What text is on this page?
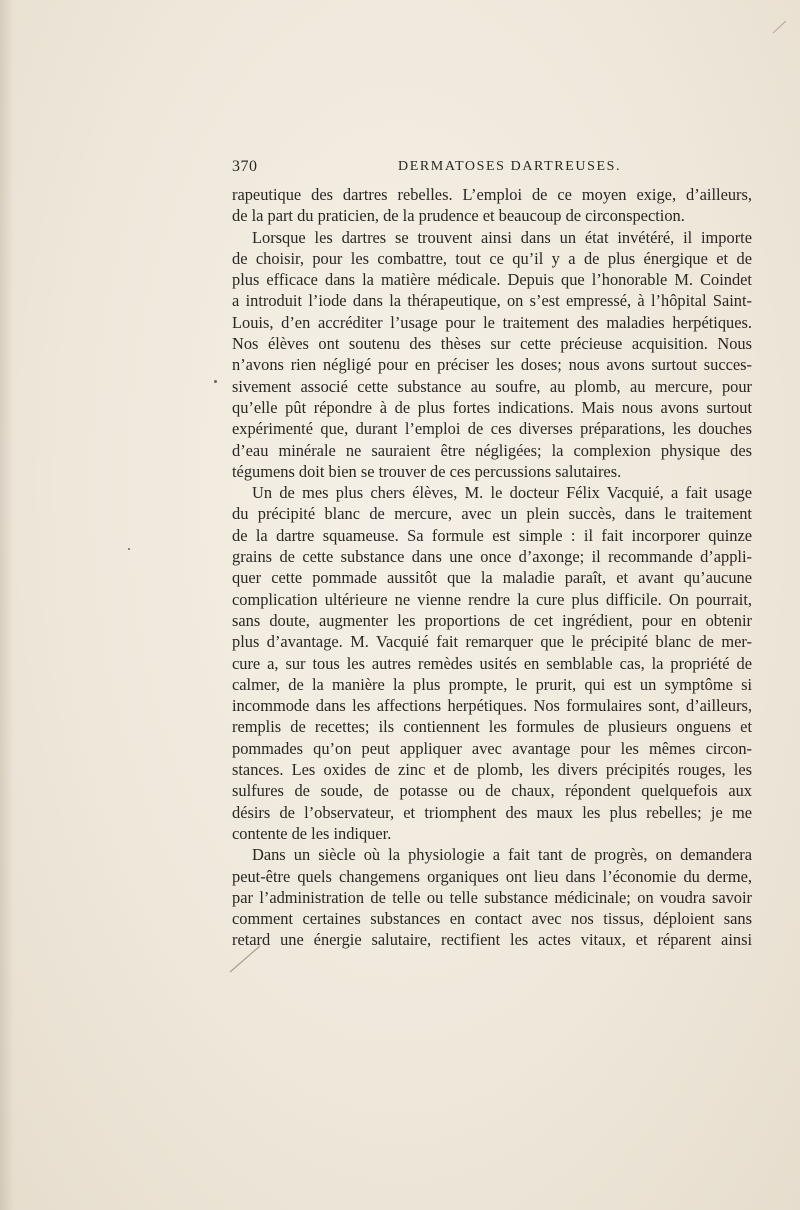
370	DERMATOSES DARTREUSES.
rapeutique des dartres rebelles. L’emploi de ce moyen exige, d’ailleurs,
de la part du praticien, de la prudence et beaucoup de circonspection.
Lorsque les dartres se trouvent ainsi dans un état invétéré, il importe
de choisir, pour les combattre, tout ce qu’il y a de plus énergique et de
plus efficace dans la matière médicale. Depuis que l’honorable M. Coindet
a introduit l’iode dans la thérapeutique, on s’est empressé, à l’hôpital Saint-
Louis, d’en accréditer l’usage pour le traitement des maladies herpétiques.
Nos élèves ont soutenu des thèses sur cette précieuse acquisition. Nous
n’avons rien négligé pour en préciser les doses; nous avons surtout succes-
sivement associé cette substance au soufre, au plomb, au mercure, pour
qu’elle pût répondre à de plus fortes indications. Mais nous avons surtout
expérimenté que, durant l’emploi de ces diverses préparations, les douches
d’eau minérale ne sauraient être négligées; la complexion physique des
tégumens doit bien se trouver de ces percussions salutaires.
Un de mes plus chers élèves, M. le docteur Félix Vacquié, a fait usage
du précipité blanc de mercure, avec un plein succès, dans le traitement
de la dartre squameuse. Sa formule est simple : il fait incorporer quinze
grains de cette substance dans une once d’axonge; il recommande d’appli-
quer cette pommade aussitôt que la maladie paraît, et avant qu’aucune
complication ultérieure ne vienne rendre la cure plus difficile. On pourrait,
sans doute, augmenter les proportions de cet ingrédient, pour en obtenir
plus d’avantage. M. Vacquié fait remarquer que le précipité blanc de mer-
cure a, sur tous les autres remèdes usités en semblable cas, la propriété de
calmer, de la manière la plus prompte, le prurit, qui est un symptôme si
incommode dans les affections herpétiques. Nos formulaires sont, d’ailleurs,
remplis de recettes; ils contiennent les formules de plusieurs onguens et
pommades qu’on peut appliquer avec avantage pour les mêmes circon-
stances. Les oxides de zinc et de plomb, les divers précipités rouges, les
sulfures de soude, de potasse ou de chaux, répondent quelquefois aux
désirs de l’observateur, et triomphent des maux les plus rebelles; je me
contente de les indiquer.
Dans un siècle où la physiologie a fait tant de progrès, on demandera
peut-être quels changemens organiques ont lieu dans l’économie du derme,
par l’administration de telle ou telle substance médicinale; on voudra savoir
comment certaines substances en contact avec nos tissus, déploient sans
retard une énergie salutaire, rectifient les actes vitaux, et réparent ainsi
